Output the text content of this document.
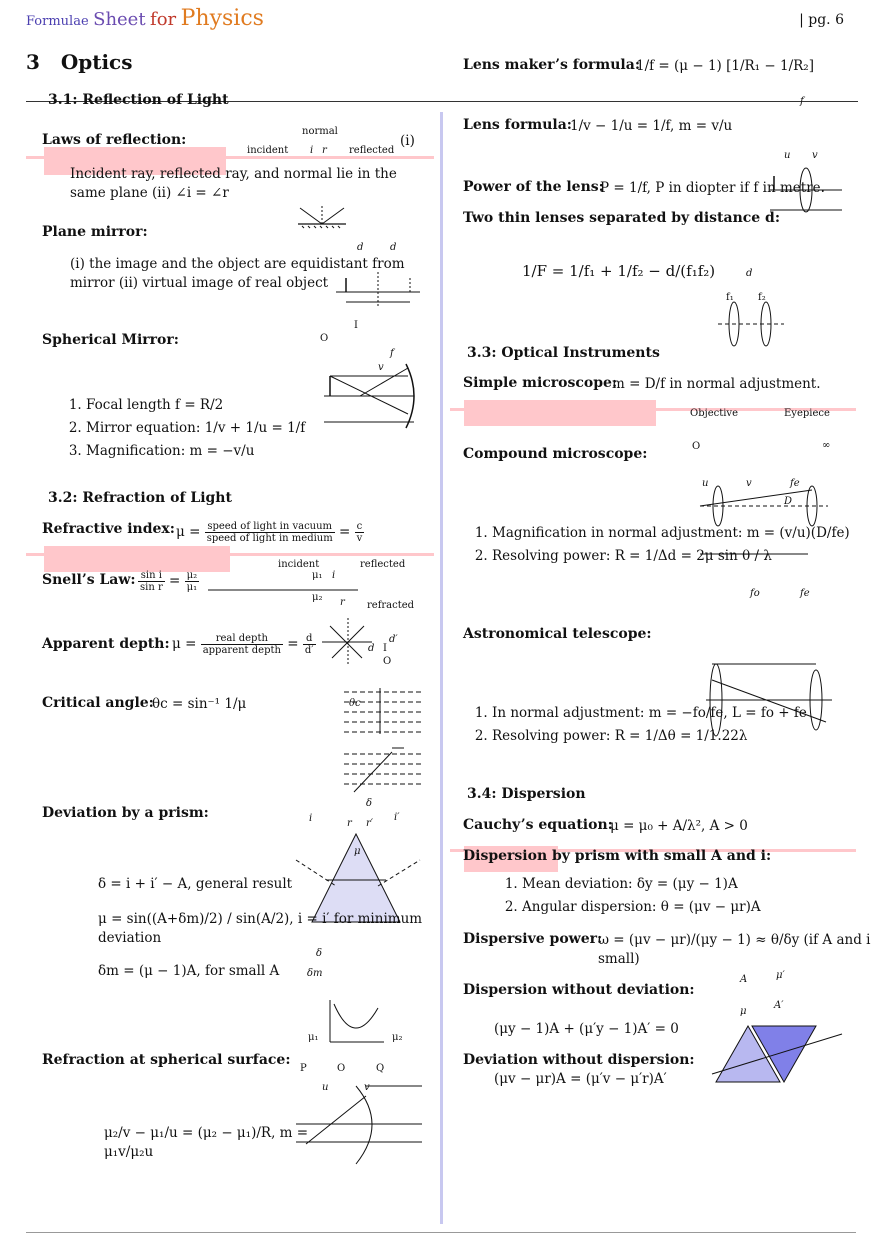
Formulae Sheet for Physics	| pg. 6
3 Optics
3.1: Reflection of Light
Laws of reflection:	(i)
normal
incident i r reflected
Incident ray, reflected ray, and normal lie in the same plane (ii) ∠i = ∠r
Plane mirror:
(i) the image and the object are equidistant from mirror (ii) virtual image of real object
d	d
Spherical Mirror:	O
I
f
v
1. Focal length f = R/2
2. Mirror equation: 1/v + 1/u = 1/f
3. Magnification: m = −v/u
3.2: Refraction of Light
Refractive index: $\mu = \frac{\text{speed of light in vacuum}}{\text{speed of light in medium}} = \frac{c}{v}$
Snell’s Law: $\frac{\text{sin i}}{\text{sin r}} = \frac{\text{μ₂}}{\text{μ₁}}$
incident	reflected
μ₁ i
μ₂ r refracted
Apparent depth: $\mu = \frac{\text{real depth}}{\text{apparent depth}} = \frac{d}{d'}$	d′
d I
O
Critical angle:
θc = sin⁻¹ 1/μ	θc
Deviation by a prism:
δ
i	r r′
i′
μ
δ = i + i′ − A, general result
μ = sin((A+δm)/2) / sin(A/2), i = i′ for minimum deviation
δ
δm = (μ − 1)A, for small A	δm
μ₁	μ₂
Refraction at spherical surface:
P	O	Q
u	v
μ₂/v − μ₁/u = (μ₂ − μ₁)/R, m = μ₁v/μ₂u
Lens maker’s formula:
1/f = (μ − 1) [1/R₁ − 1/R₂]
f
Lens formula:
1/v − 1/u = 1/f, m = v/u
u v
Power of the lens:
P = 1/f, P in diopter if f in metre.
Two thin lenses separated by distance d:
1/F = 1/f₁ + 1/f₂ − d/(f₁f₂)	d
f₁ f₂
3.3: Optical Instruments
Simple microscope:
m = D/f in normal adjustment.
Objective	Eyepiece
O	∞
Compound microscope:
u	v	fe
D
1. Magnification in normal adjustment: m = (v/u)(D/fe)
2. Resolving power: R = 1/Δd = 2μ sin θ / λ
fo	fe
Astronomical telescope:
1. In normal adjustment: m = −fo/fe, L = fo + fe
2. Resolving power: R = 1/Δθ = 1/1.22λ
3.4: Dispersion
Cauchy’s equation:
μ = μ₀ + A/λ², A > 0
Dispersion by prism with small A and i:
1. Mean deviation: δy = (μy − 1)A
2. Angular dispersion: θ = (μv − μr)A
Dispersive power:
ω = (μv − μr)/(μy − 1) ≈ θ/δy (if A and i small)
Dispersion without deviation:
A	μ′
μ
A′
(μy − 1)A + (μ′y − 1)A′ = 0
Deviation without dispersion:
(μv − μr)A = (μ′v − μ′r)A′
